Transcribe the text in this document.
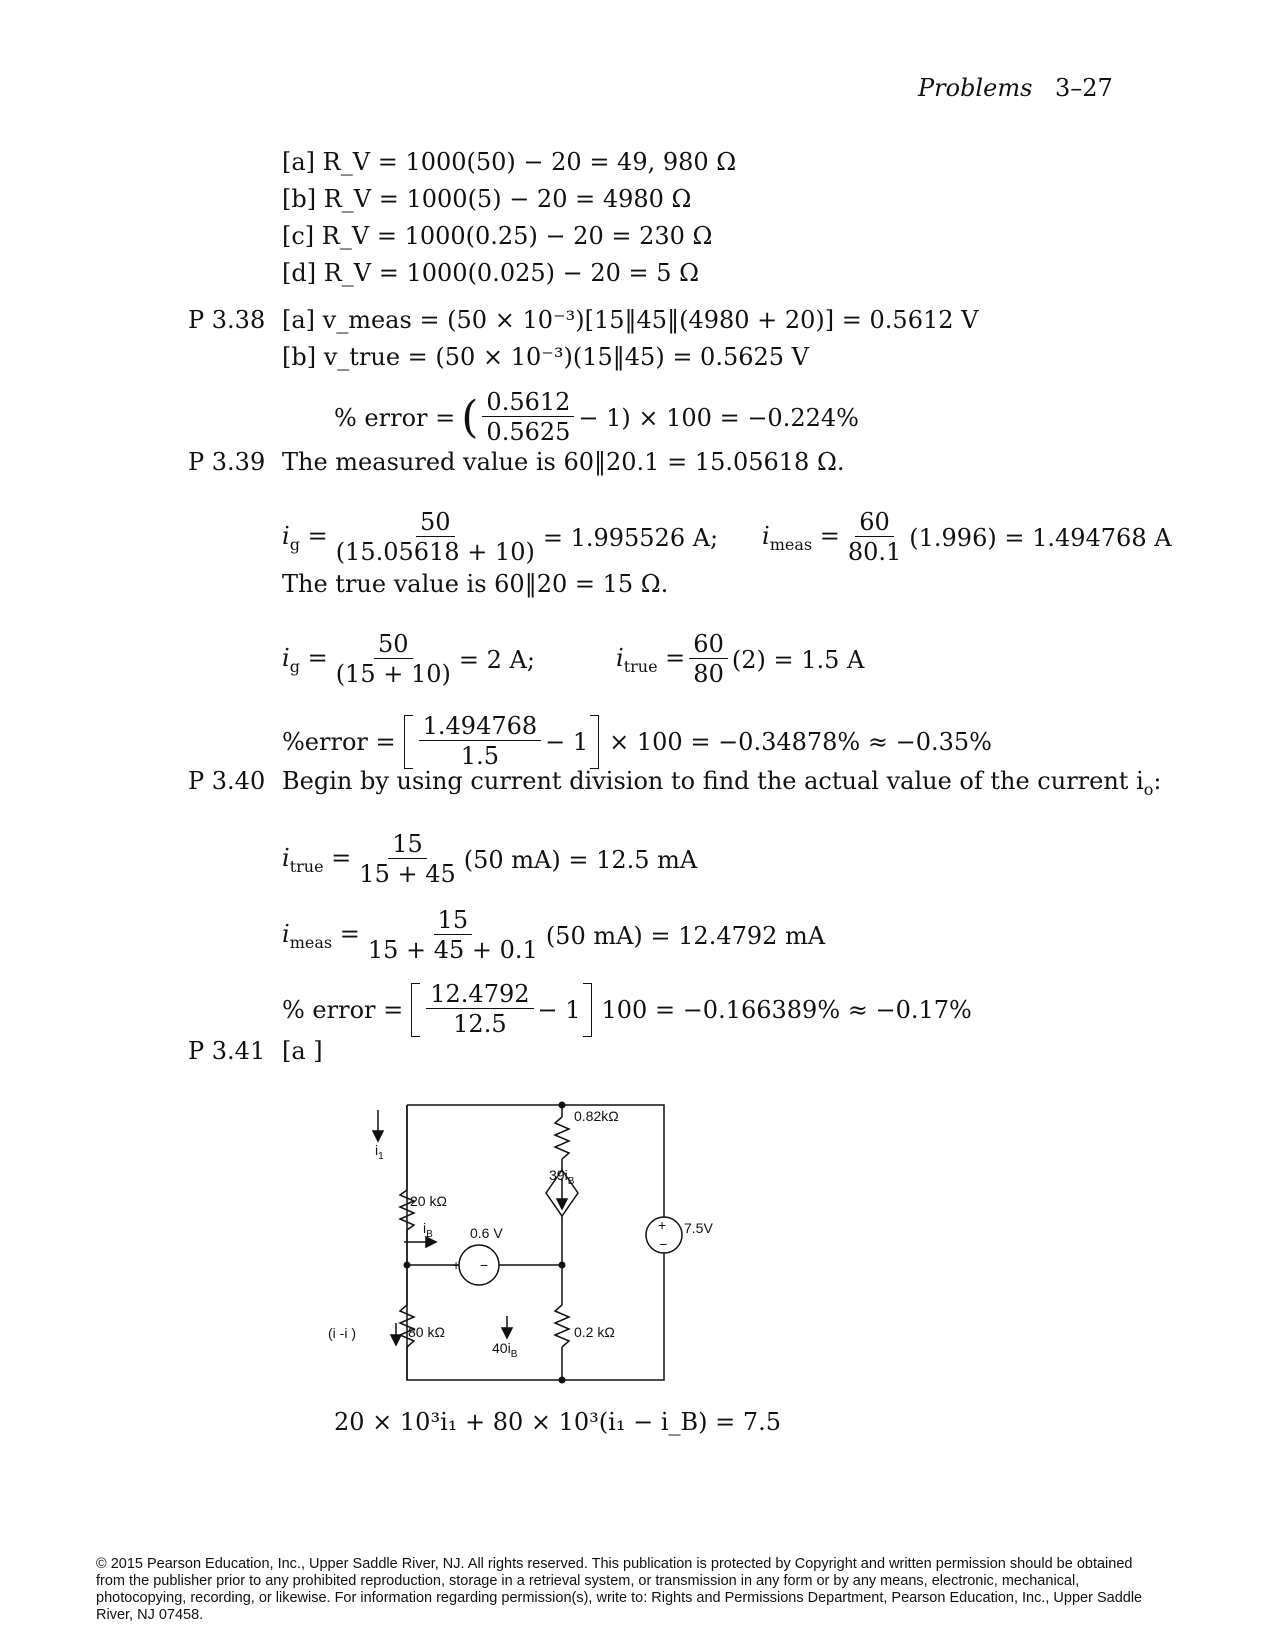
Problems 3–27
[a] R_V = 1000(50) − 20 = 49, 980 Ω
[b] R_V = 1000(5) − 20 = 4980 Ω
[c] R_V = 1000(0.25) − 20 = 230 Ω
[d] R_V = 1000(0.025) − 20 = 5 Ω
P 3.38 [a] v_meas = (50 × 10⁻³)[15‖45‖(4980 + 20)] = 0.5612 V
[b] v_true = (50 × 10⁻³)(15‖45) = 0.5625 V
% error = ( $\frac{0.5612}{0.5625} - 1) \times 100 = -0.224\%$
P 3.39 The measured value is 60‖20.1 = 15.05618 Ω.
$i_g = \frac{50}{(15.05618 + 10)} = 1.995526$ A; $i_{meas} = \frac{60}{80.1} (1.996) = 1.494768$ A
The true value is 60‖20 = 15 Ω.
$i_g = \frac{50}{(15 + 10)} = 2$ A;	$i_{true} = \frac{60}{80} (2) = 1.5$ A
%error = $\frac{1.494768}{1.5} - 1 \times 100 = -0.34878\% \approx -0.35\%$
P 3.40 Begin by using current division to find the actual value of the current $i_o$:
$i_{true} = \frac{15}{15 + 45} (50$ mA) = 12.5 mA
$i_{meas} = \frac{15}{15 + 45 + 0.1} (50$ mA) = 12.4792 mA
% error = $\frac{12.4792}{12.5} - 1$ 100 = −0.166389% ≈ −0.17%
P 3.41 [a ]
+ −
+
−
0.82kΩ
$39i_B$
$i_1$
20 kΩ
$i_B$	0.6 V	7.5V
(i -i )	80 kΩ
$40i_B$
0.2 kΩ
20 × 10³i₁ + 80 × 10³(i₁ − i_B) = 7.5
© 2015 Pearson Education, Inc., Upper Saddle River, NJ. All rights reserved. This publication is protected by Copyright and written permission should be obtained from the publisher prior to any prohibited reproduction, storage in a retrieval system, or transmission in any form or by any means, electronic, mechanical, photocopying, recording, or likewise. For information regarding permission(s), write to: Rights and Permissions Department, Pearson Education, Inc., Upper Saddle River, NJ 07458.
